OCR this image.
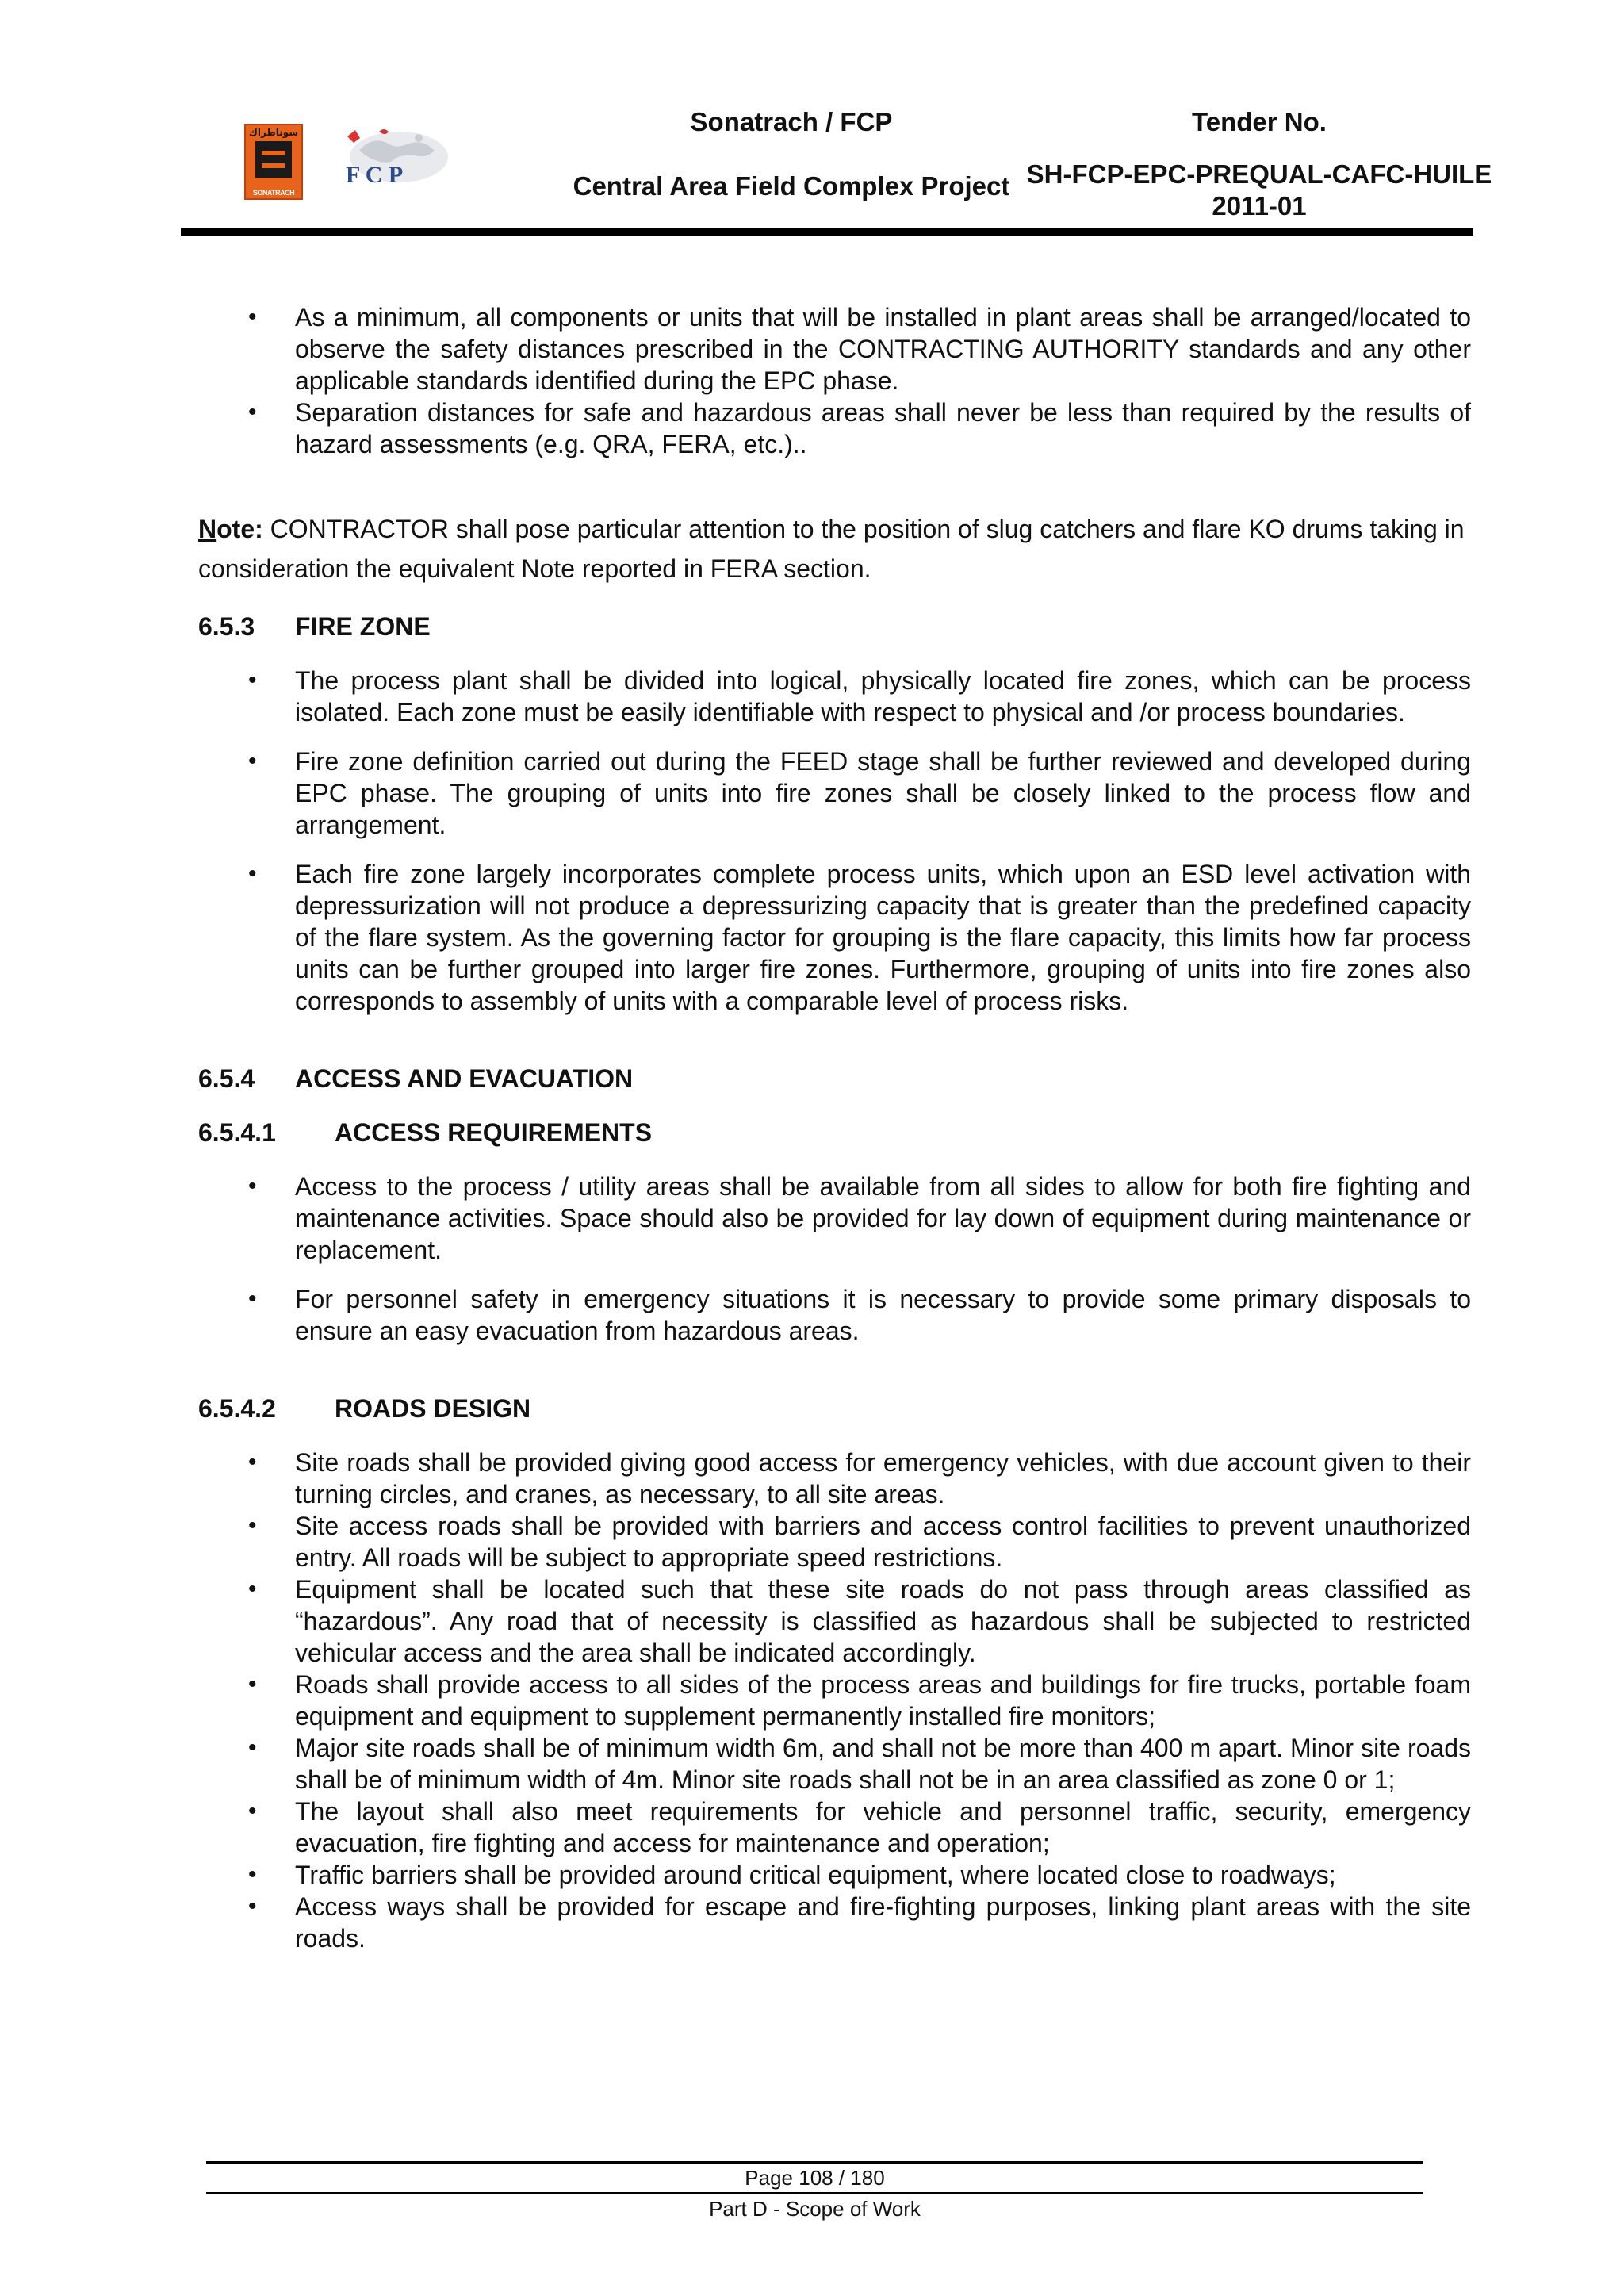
سوناطراك
SONATRACH
F C P
Sonatrach / FCP
Central Area Field Complex Project
Tender No.
SH-FCP-EPC-PREQUAL-CAFC-HUILE 2011-01
• As a minimum, all components or units that will be installed in plant areas shall be arranged/located to observe the safety distances prescribed in the CONTRACTING AUTHORITY standards and any other applicable standards identified during the EPC phase.
• Separation distances for safe and hazardous areas shall never be less than required by the results of hazard assessments (e.g. QRA, FERA, etc.)..
Note: CONTRACTOR shall pose particular attention to the position of slug catchers and flare KO drums taking in consideration the equivalent Note reported in FERA section.
6.5.3	FIRE ZONE
• The process plant shall be divided into logical, physically located fire zones, which can be process isolated. Each zone must be easily identifiable with respect to physical and /or process boundaries.
• Fire zone definition carried out during the FEED stage shall be further reviewed and developed during EPC phase. The grouping of units into fire zones shall be closely linked to the process flow and arrangement.
• Each fire zone largely incorporates complete process units, which upon an ESD level activation with depressurization will not produce a depressurizing capacity that is greater than the predefined capacity of the flare system. As the governing factor for grouping is the flare capacity, this limits how far process units can be further grouped into larger fire zones. Furthermore, grouping of units into fire zones also corresponds to assembly of units with a comparable level of process risks.
6.5.4	ACCESS AND EVACUATION
6.5.4.1	ACCESS REQUIREMENTS
• Access to the process / utility areas shall be available from all sides to allow for both fire fighting and maintenance activities. Space should also be provided for lay down of equipment during maintenance or replacement.
• For personnel safety in emergency situations it is necessary to provide some primary disposals to ensure an easy evacuation from hazardous areas.
6.5.4.2	ROADS DESIGN
• Site roads shall be provided giving good access for emergency vehicles, with due account given to their turning circles, and cranes, as necessary, to all site areas.
• Site access roads shall be provided with barriers and access control facilities to prevent unauthorized entry. All roads will be subject to appropriate speed restrictions.
• Equipment shall be located such that these site roads do not pass through areas classified as “hazardous”. Any road that of necessity is classified as hazardous shall be subjected to restricted vehicular access and the area shall be indicated accordingly.
• Roads shall provide access to all sides of the process areas and buildings for fire trucks, portable foam equipment and equipment to supplement permanently installed fire monitors;
• Major site roads shall be of minimum width 6m, and shall not be more than 400 m apart. Minor site roads shall be of minimum width of 4m. Minor site roads shall not be in an area classified as zone 0 or 1;
• The layout shall also meet requirements for vehicle and personnel traffic, security, emergency evacuation, fire fighting and access for maintenance and operation;
• Traffic barriers shall be provided around critical equipment, where located close to roadways;
• Access ways shall be provided for escape and fire-fighting purposes, linking plant areas with the site roads.
Page 108 / 180
Part D - Scope of Work
